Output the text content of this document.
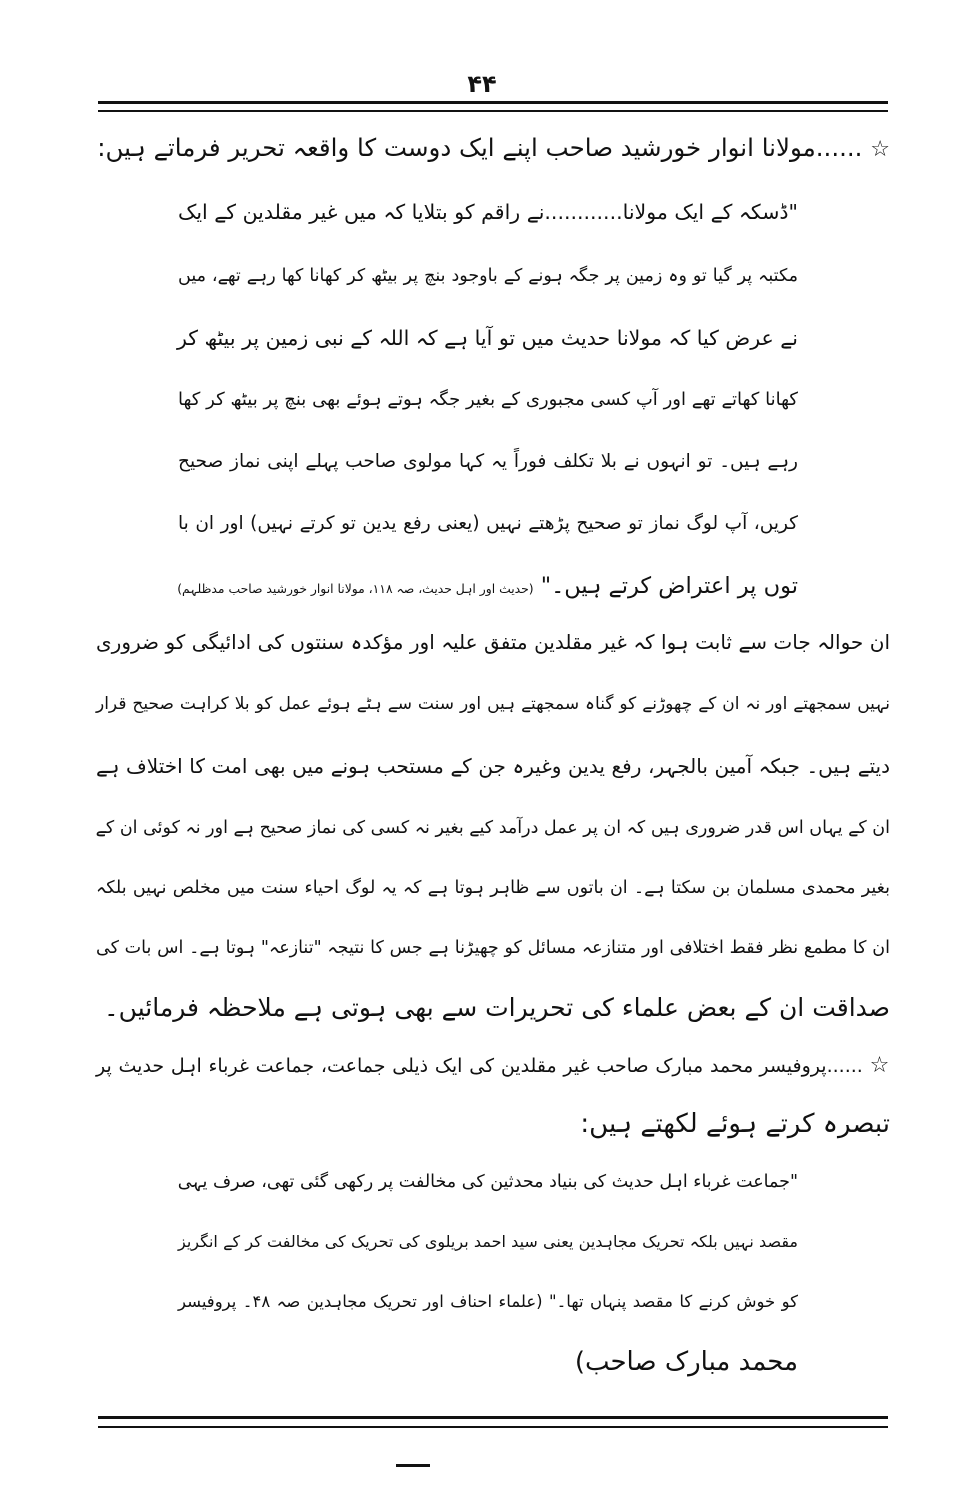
۴۴
☆ ......مولانا انوار خورشید صاحب اپنے ایک دوست کا واقعہ تحریر فرماتے ہیں:
"ڈسکہ کے ایک مولانا............نے راقم کو بتلایا کہ میں غیر مقلدین کے ایک
مکتبہ پر گیا تو وہ زمین پر جگہ ہونے کے باوجود بنچ پر بیٹھ کر کھانا کھا رہے تھے، میں
نے عرض کیا کہ مولانا حدیث میں تو آیا ہے کہ اللہ کے نبی زمین پر بیٹھ کر
کھانا کھاتے تھے اور آپ کسی مجبوری کے بغیر جگہ ہوتے ہوئے بھی بنچ پر بیٹھ کر کھا
رہے ہیں۔ تو انہوں نے بلا تکلف فوراً یہ کہا مولوی صاحب پہلے اپنی نماز صحیح
کریں، آپ لوگ نماز تو صحیح پڑھتے نہیں (یعنی رفع یدین تو کرتے نہیں) اور ان با
توں پر اعتراض کرتے ہیں۔" (حدیث اور اہل حدیث، صہ ۱۱۸، مولانا انوار خورشید صاحب مدظلہم)
ان حوالہ جات سے ثابت ہوا کہ غیر مقلدین متفق علیہ اور مؤکدہ سنتوں کی ادائیگی کو ضروری
نہیں سمجھتے اور نہ ان کے چھوڑنے کو گناہ سمجھتے ہیں اور سنت سے ہٹے ہوئے عمل کو بلا کراہت صحیح قرار
دیتے ہیں۔ جبکہ آمین بالجہر، رفع یدین وغیرہ جن کے مستحب ہونے میں بھی امت کا اختلاف ہے
ان کے یہاں اس قدر ضروری ہیں کہ ان پر عمل درآمد کیے بغیر نہ کسی کی نماز صحیح ہے اور نہ کوئی ان کے
بغیر محمدی مسلمان بن سکتا ہے۔ ان باتوں سے ظاہر ہوتا ہے کہ یہ لوگ احیاء سنت میں مخلص نہیں بلکہ
ان کا مطمع نظر فقط اختلافی اور متنازعہ مسائل کو چھیڑنا ہے جس کا نتیجہ "تنازعہ" ہوتا ہے۔ اس بات کی
صداقت ان کے بعض علماء کی تحریرات سے بھی ہوتی ہے ملاحظہ فرمائیں۔
☆ ......پروفیسر محمد مبارک صاحب غیر مقلدین کی ایک ذیلی جماعت، جماعت غرباء اہل حدیث پر
تبصرہ کرتے ہوئے لکھتے ہیں:
"جماعت غرباء اہل حدیث کی بنیاد محدثین کی مخالفت پر رکھی گئی تھی، صرف یہی
مقصد نہیں بلکہ تحریک مجاہدین یعنی سید احمد بریلوی کی تحریک کی مخالفت کر کے انگریز
کو خوش کرنے کا مقصد پنہاں تھا۔" (علماء احناف اور تحریک مجاہدین صہ ۴۸۔ پروفیسر
محمد مبارک صاحب)
